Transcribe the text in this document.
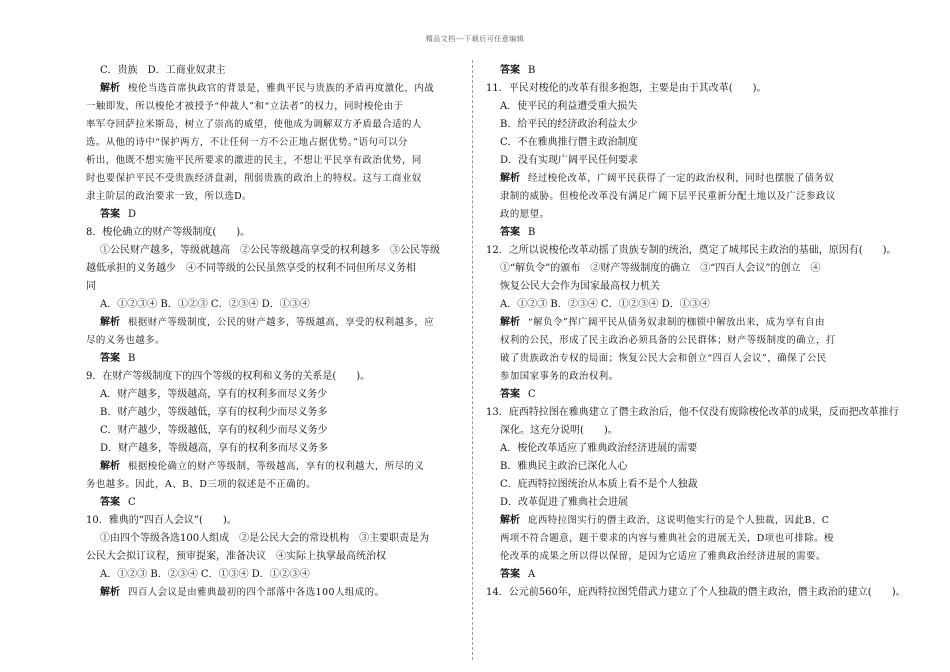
精品文档---下载后可任意编辑
C．贵族　D．工商业奴隶主
解析 梭伦当选首席执政官的背景是，雅典平民与贵族的矛盾再度激化，内战
一触即发，所以梭伦才被授予“仲裁人”和“立法者”的权力，同时梭伦由于
率军夺回萨拉米斯岛，树立了崇高的威望，使他成为调解双方矛盾最合适的人
选。从他的诗中“保护两方，不让任何一方不公正地占据优势。”语句可以分
析出，他既不想实施平民所要求的激进的民主，不想让平民享有政治优势，同
时也要保护平民不受贵族经济盘剥，削弱贵族的政治上的特权。这与工商业奴
隶主阶层的政治要求一致，所以选D。
答案 D
8．梭伦确立的财产等级制度(　　)。
①公民财产越多，等级就越高　②公民等级越高享受的权利越多　③公民等级
越低承担的义务越少　④不同等级的公民虽然享受的权利不同但所尽义务相
同
A．①②③④ B．①②③ C．②③④ D．①③④
解析 根据财产等级制度，公民的财产越多，等级越高，享受的权利越多，应
尽的义务也越多。
答案 B
9．在财产等级制度下的四个等级的权利和义务的关系是(　　)。
A．财产越多，等级越高，享有的权利多而尽义务少
B．财产越少，等级越低，享有的权利少而尽义务多
C．财产越少，等级越低，享有的权利少而尽义务少
D．财产越多，等级越高，享有的权利多而尽义务多
解析 根据梭伦确立的财产等级制，等级越高，享有的权利越大，所尽的义
务也越多。因此，A、B、D三项的叙述是不正确的。
答案 C
10．雅典的“四百人会议”(　　)。
①由四个等级各选100人组成　②是公民大会的常设机构　③主要职责是为
公民大会拟订议程，预审提案，准备决议　④实际上执掌最高统治权
A．①②③ B．②③④ C．①③④ D．①②③④
解析 四百人会议是由雅典最初的四个部落中各选100人组成的。
答案 B
11．平民对梭伦的改革有很多抱怨，主要是由于其改革(　　)。
A．使平民的利益遭受重大损失
B．给平民的经济政治利益太少
C．不在雅典推行僭主政治制度
D．没有实现广阔平民任何要求
解析 经过梭伦改革，广阔平民获得了一定的政治权利，同时也摆脱了债务奴
隶制的威胁。但梭伦改革没有满足广阔下层平民重新分配土地以及广泛参政议
政的愿望。
答案 B
12．之所以说梭伦改革动摇了贵族专制的统治，奠定了城邦民主政治的基础，原因有(　　)。
①“解负令”的颁布　②财产等级制度的确立　③“四百人会议”的创立　④
恢复公民大会作为国家最高权力机关
A．①②③ B．②③④ C．①②③④ D．①③④
解析 “解负令”挥广阔平民从债务奴隶制的枷锁中解放出来，成为享有自由
权利的公民，形成了民主政治必须具备的公民群体；财产等级制度的确立，打
破了贵族政治专权的局面；恢复公民大会和创立“四百人会议”，确保了公民
参加国家事务的政治权利。
答案 C
13．庇西特拉图在雅典建立了僭主政治后，他不仅没有废除梭伦改革的成果，反而把改革推行
深化。这充分说明(　　)。
A．梭伦改革适应了雅典政治经济进展的需要
B．雅典民主政治已深化人心
C．庇西特拉图统治从本质上看不是个人独裁
D．改革促进了雅典社会进展
解析 庇西特拉图实行的僭主政治，这说明他实行的是个人独裁，因此B、C
两项不符合题意，题干要求的内容与雅典社会的进展无关，D项也可排除。梭
伦改革的成果之所以得以保留，是因为它适应了雅典政治经济进展的需要。
答案 A
14．公元前560年，庇西特拉图凭借武力建立了个人独裁的僭主政治，僭主政治的建立(　　)。
